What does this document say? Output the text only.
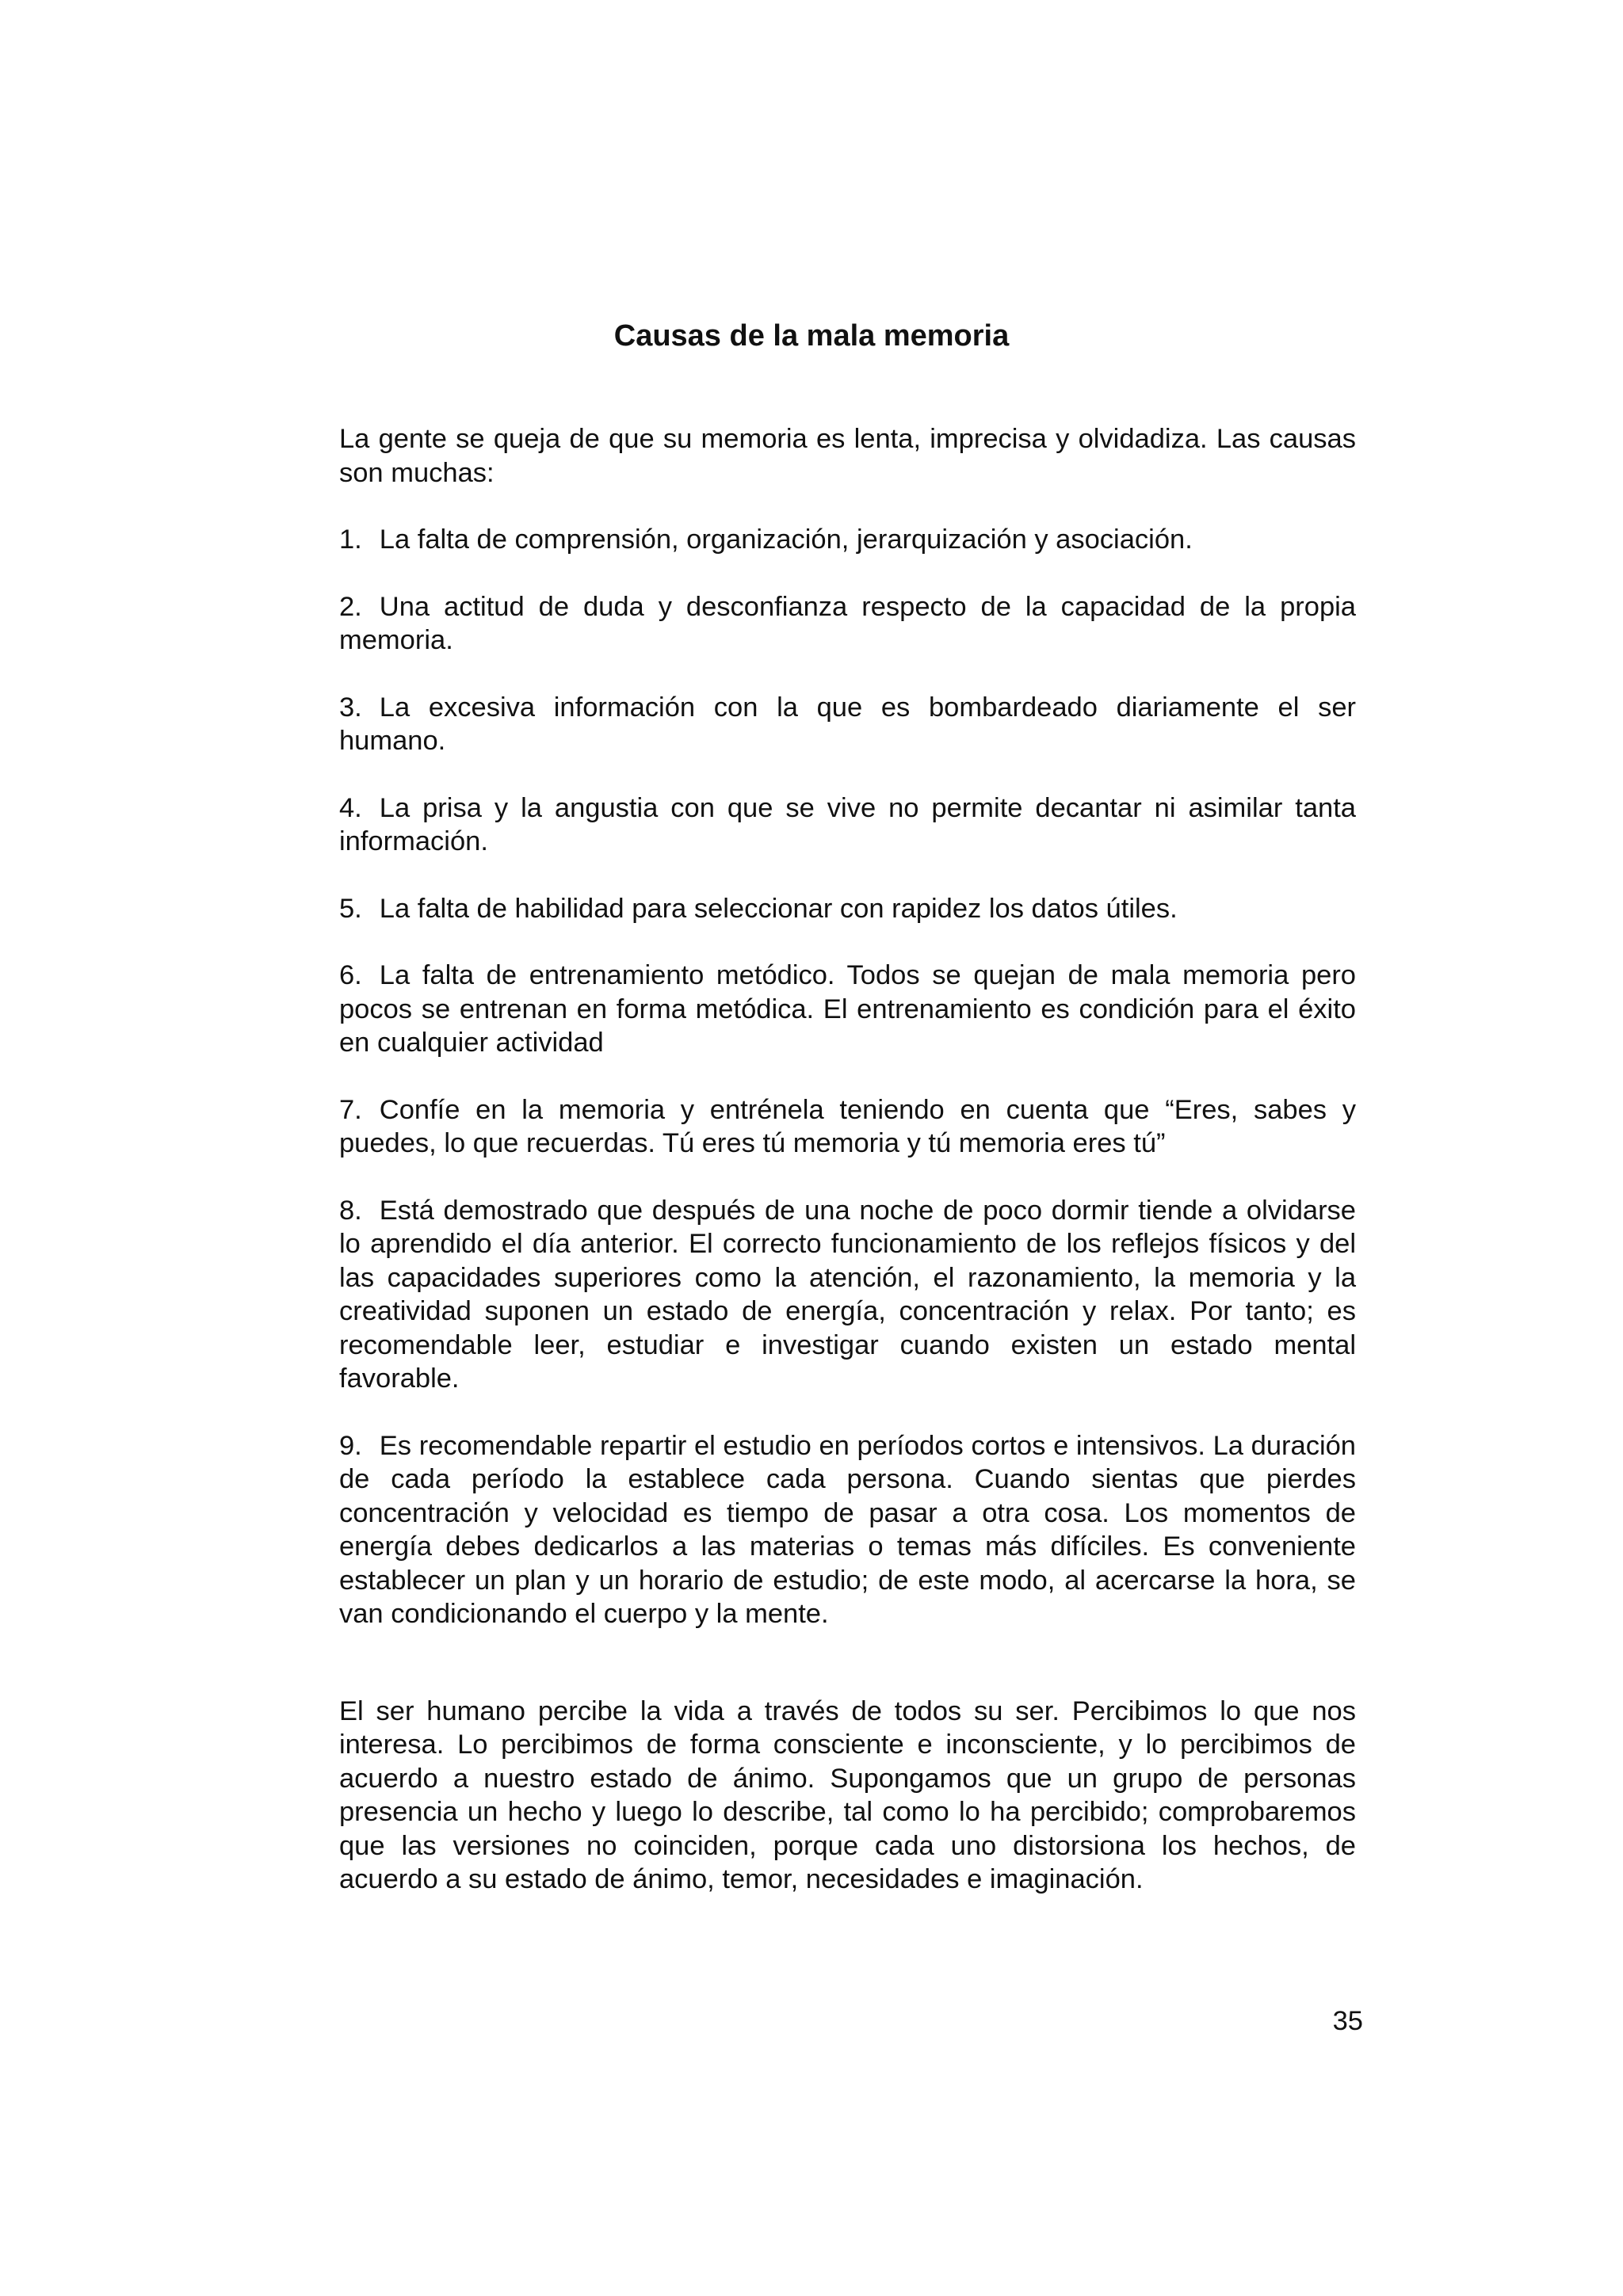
Causas de la mala memoria

La gente se queja de que su memoria es lenta, imprecisa y olvidadiza. Las causas son muchas:

1. La falta de comprensión, organización, jerarquización y asociación.

2. Una actitud de duda y desconfianza respecto de la capacidad de la propia memoria.

3. La excesiva información con la que es bombardeado diariamente el ser humano.

4. La prisa y la angustia con que se vive no permite decantar ni asimilar tanta información.

5. La falta de habilidad para seleccionar con rapidez los datos útiles.

6. La falta de entrenamiento metódico. Todos se quejan de mala memoria pero pocos se entrenan en forma metódica. El entrenamiento es condición para el éxito en cualquier actividad

7. Confíe en la memoria y entrénela teniendo en cuenta que “Eres, sabes y puedes, lo que recuerdas. Tú eres tú memoria y tú memoria eres tú”

8. Está demostrado que después de una noche de poco dormir tiende a olvidarse lo aprendido el día anterior. El correcto funcionamiento de los reflejos físicos y del las capacidades superiores como la atención, el razonamiento, la memoria y la creatividad suponen un estado de energía, concentración y relax. Por tanto; es recomendable leer, estudiar e investigar cuando existen un estado mental favorable.

9. Es recomendable repartir el estudio en períodos cortos e intensivos. La duración de cada período la establece cada persona. Cuando sientas que pierdes concentración y velocidad es tiempo de pasar a otra cosa. Los momentos de energía debes dedicarlos a las materias o temas más difíciles. Es conveniente establecer un plan y un horario de estudio; de este modo, al acercarse la hora, se van condicionando el cuerpo y la mente.

El ser humano percibe la vida a través de todos su ser. Percibimos lo que nos interesa. Lo percibimos de forma consciente e inconsciente, y lo percibimos de acuerdo a nuestro estado de ánimo. Supongamos que un grupo de personas presencia un hecho y luego lo describe, tal como lo ha percibido; comprobaremos que las versiones no coinciden, porque cada uno distorsiona los hechos, de acuerdo a su estado de ánimo, temor, necesidades e imaginación.

35
